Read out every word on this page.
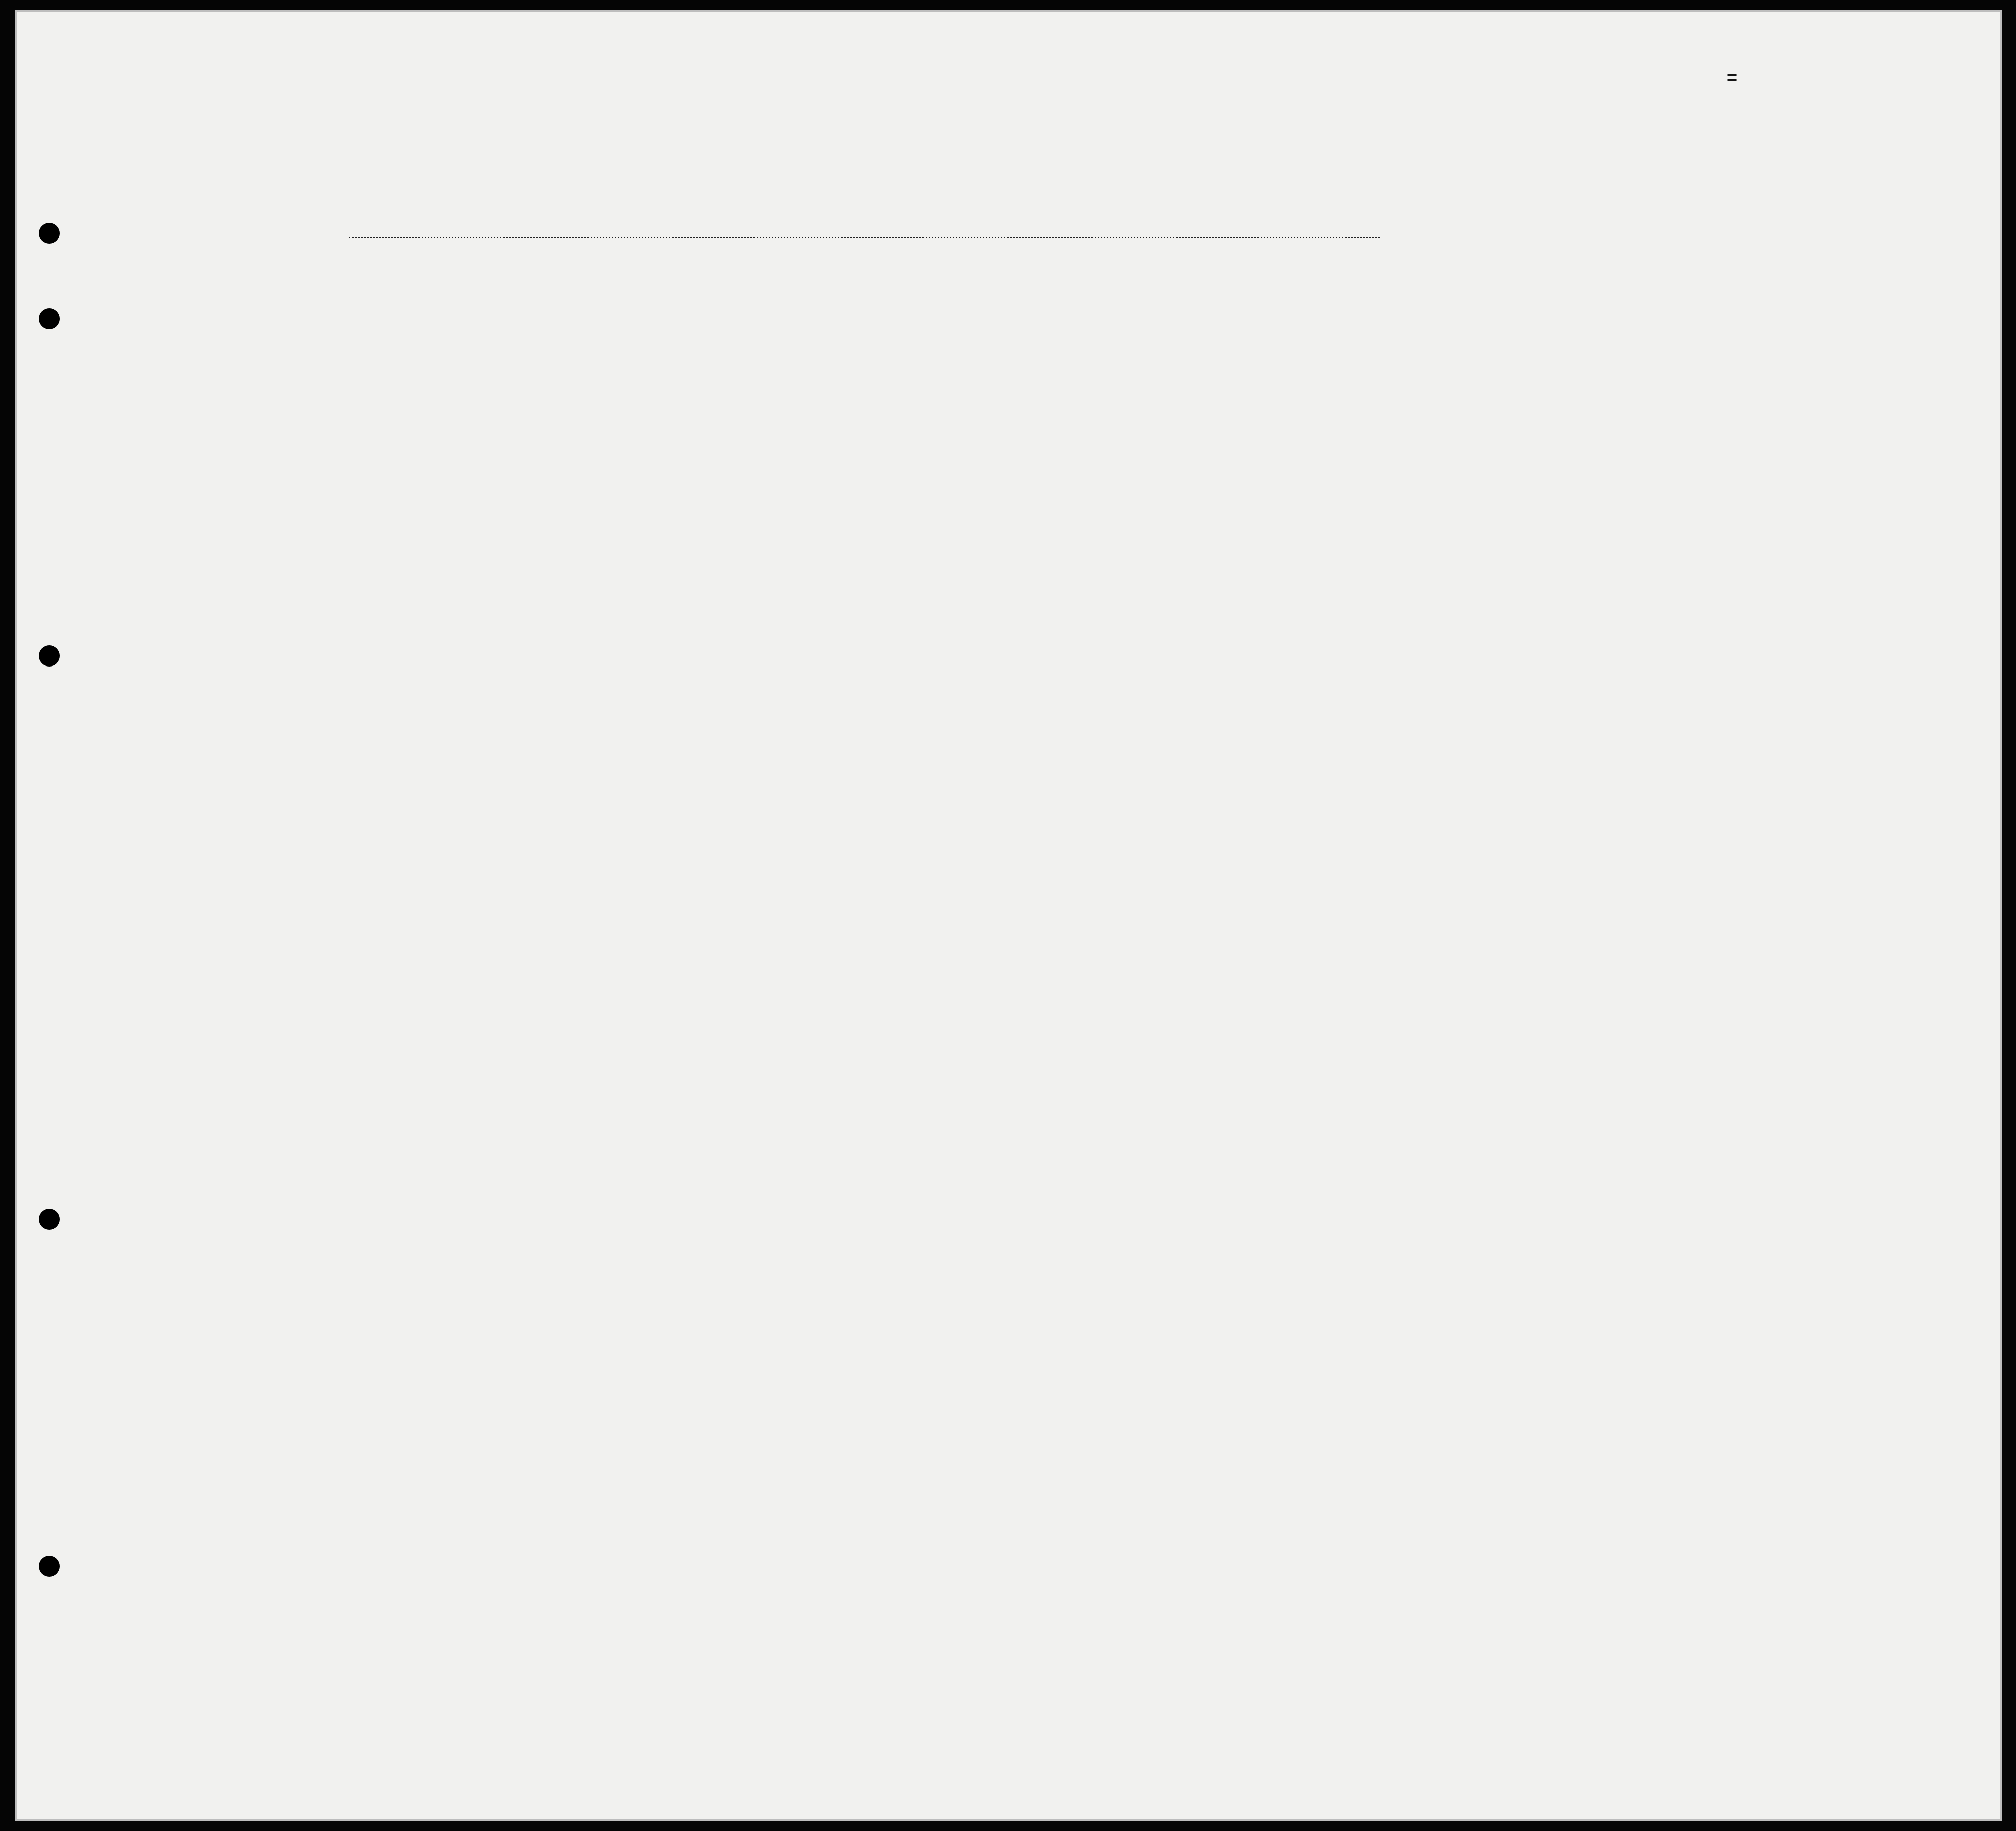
=
